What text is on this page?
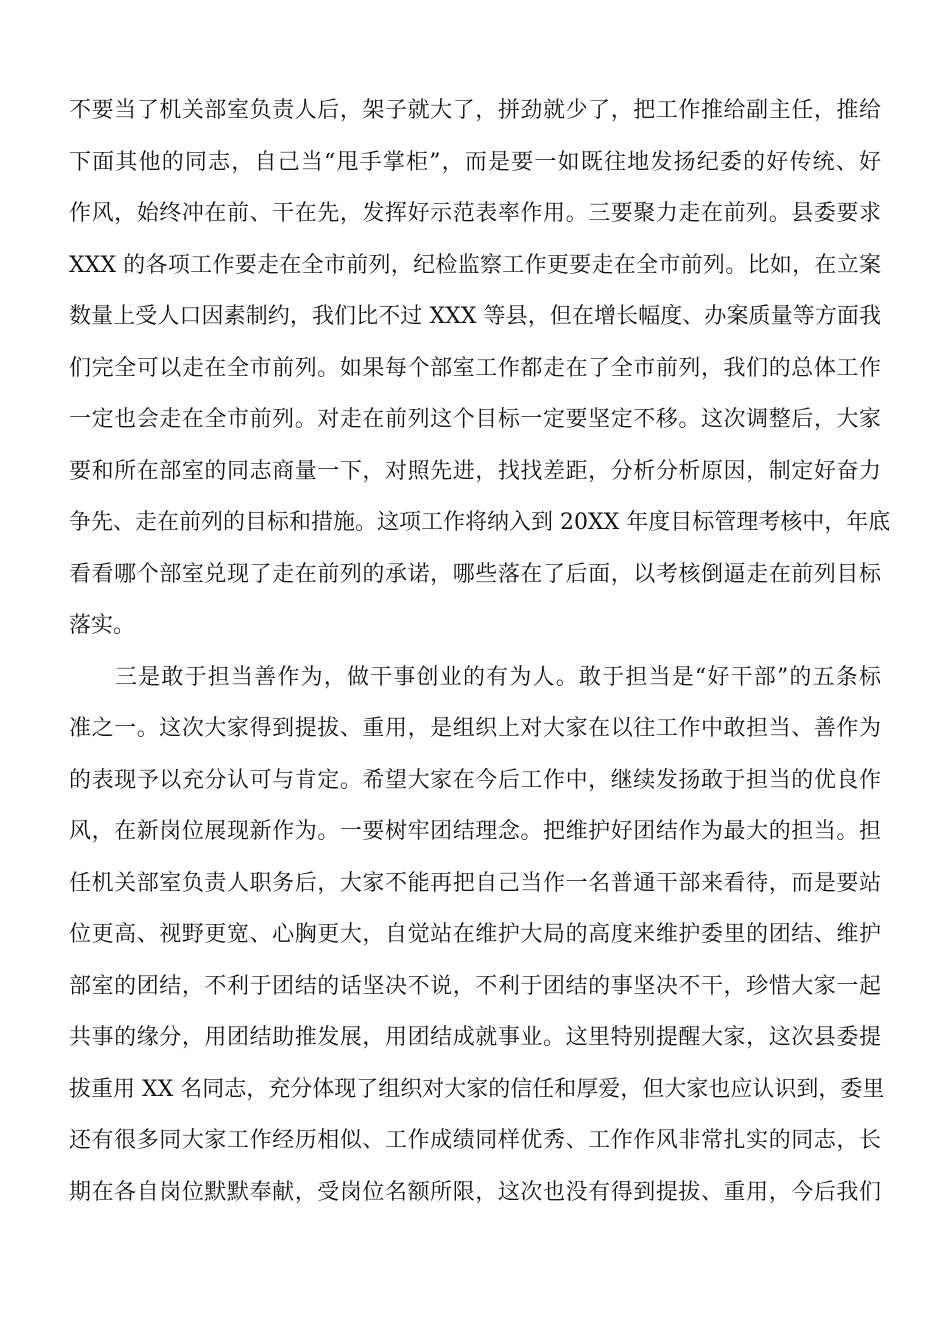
不要当了机关部室负责人后，架子就大了，拼劲就少了，把工作推给副主任，推给
下面其他的同志，自己当“甩手掌柜”，而是要一如既往地发扬纪委的好传统、好
作风，始终冲在前、干在先，发挥好示范表率作用。三要聚力走在前列。县委要求
XXX 的各项工作要走在全市前列，纪检监察工作更要走在全市前列。比如，在立案
数量上受人口因素制约，我们比不过 XXX 等县，但在增长幅度、办案质量等方面我
们完全可以走在全市前列。如果每个部室工作都走在了全市前列，我们的总体工作
一定也会走在全市前列。对走在前列这个目标一定要坚定不移。这次调整后，大家
要和所在部室的同志商量一下，对照先进，找找差距，分析分析原因，制定好奋力
争先、走在前列的目标和措施。这项工作将纳入到 20XX 年度目标管理考核中，年底
看看哪个部室兑现了走在前列的承诺，哪些落在了后面，以考核倒逼走在前列目标
落实。
三是敢于担当善作为，做干事创业的有为人。敢于担当是“好干部”的五条标
准之一。这次大家得到提拔、重用，是组织上对大家在以往工作中敢担当、善作为
的表现予以充分认可与肯定。希望大家在今后工作中，继续发扬敢于担当的优良作
风，在新岗位展现新作为。一要树牢团结理念。把维护好团结作为最大的担当。担
任机关部室负责人职务后，大家不能再把自己当作一名普通干部来看待，而是要站
位更高、视野更宽、心胸更大，自觉站在维护大局的高度来维护委里的团结、维护
部室的团结，不利于团结的话坚决不说，不利于团结的事坚决不干，珍惜大家一起
共事的缘分，用团结助推发展，用团结成就事业。这里特别提醒大家，这次县委提
拔重用 XX 名同志，充分体现了组织对大家的信任和厚爱，但大家也应认识到，委里
还有很多同大家工作经历相似、工作成绩同样优秀、工作作风非常扎实的同志，长
期在各自岗位默默奉献，受岗位名额所限，这次也没有得到提拔、重用，今后我们
